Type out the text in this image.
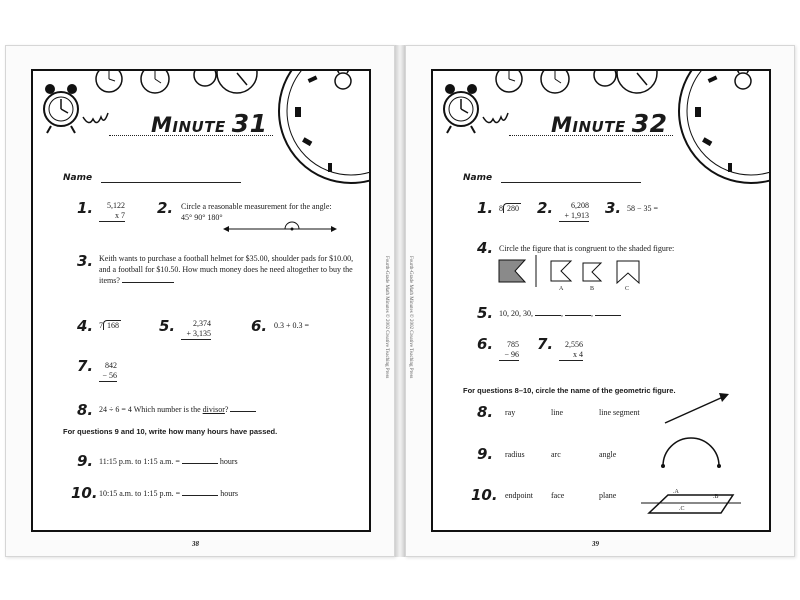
Minute 31
Name
1.	5,122
x 7 2. Circle a reasonable measurement for the angle:
45° 90° 180°
3. Keith wants to purchase a football helmet for $35.00, shoulder pads for $10.00, and a football for $10.50. How much money does he need altogether to buy the items?
4. 7 168	5.	2,374
+ 3,135	6. 0.3 + 0.3 =
7.	842
− 56
8. 24 ÷ 6 = 4 Which number is the divisor?
For questions 9 and 10, write how many hours have passed.
9. 11:15 p.m. to 1:15 a.m. =	hours
10. 10:15 a.m. to 1:15 p.m. =	hours
38
Fourth-Grade Math Minutes © 2002 Creative Teaching Press
Minute 32
Name
1. 8 280 2.	6,208
+ 1,913 3. 58 − 35 =
4. Circle the figure that is congruent to the shaded figure:
A	B	C
5. 10, 20, 30,	,	,
6.	785
− 96
7.	2,556
x 4
For questions 8–10, circle the name of the geometric figure.
8. ray	line	line segment
9. radius	arc	angle
10. endpoint face	plane	.A
.B
.C
39
Fourth-Grade Math Minutes © 2002 Creative Teaching Press
